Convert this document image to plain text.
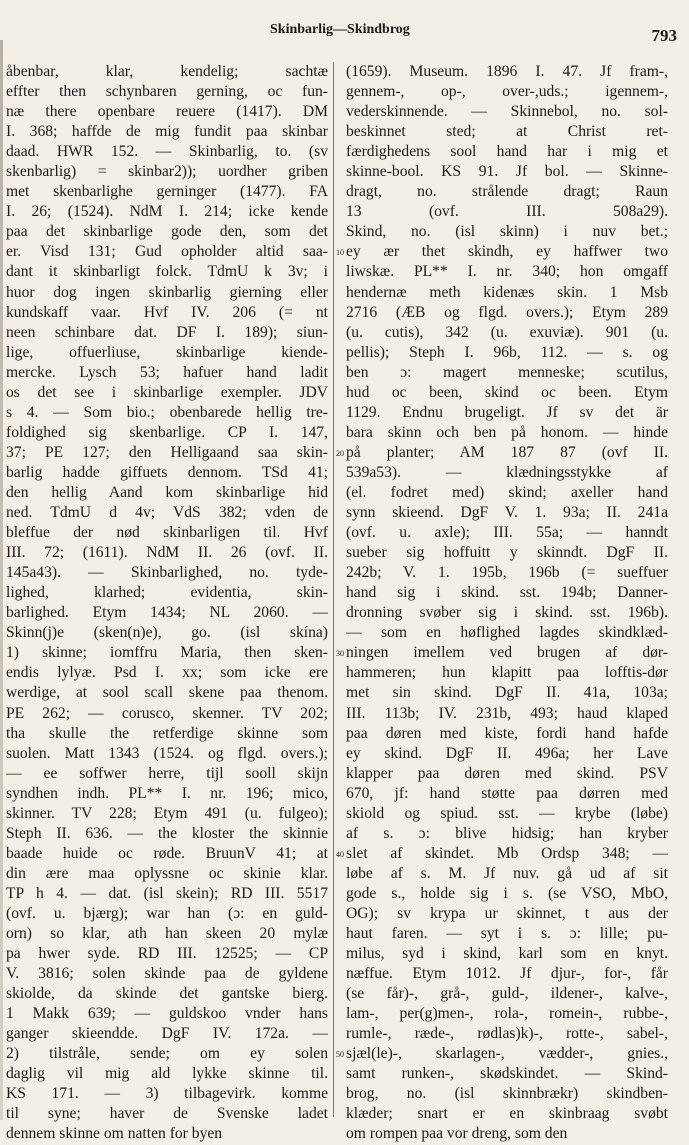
Skinbarlig—Skindbrog	793
åbenbar, klar, kendelig; sachtæ
effter then schynbaren gerning, oc fun-
næ there openbare reuere (1417). DM
I. 368; haffde de mig fundit paa skinbar
daad. HWR 152. — Skinbarlig, to. (sv
skenbarlig) = skinbar2)); uordher griben
met skenbarlighe gerninger (1477). FA
I. 26; (1524). NdM I. 214; icke kende
paa det skinbarlige gode den, som det
er. Visd 131; Gud opholder altid saa-
dant it skinbarligt folck. TdmU k 3v; i
huor dog ingen skinbarlig gierning eller
kundskaff vaar. Hvf IV. 206 (= nt
neen schinbare dat. DF I. 189); siun-
lige, offuerliuse, skinbarlige kiende-
mercke. Lysch 53; hafuer hand ladit
os det see i skinbarlige exempler. JDV
s 4. — Som bio.; obenbarede hellig tre-
foldighed sig skenbarlige. CP I. 147,
37; PE 127; den Helligaand saa skin-
barlig hadde giffuets dennom. TSd 41;
den hellig Aand kom skinbarlige hid
ned. TdmU d 4v; VdS 382; vden de
bleffue der nød skinbarligen til. Hvf
III. 72; (1611). NdM II. 26 (ovf. II.
145a43). — Skinbarlighed, no. tyde-
lighed, klarhed; evidentia, skin-
barlighed. Etym 1434; NL 2060. —
Skinn(j)e (sken(n)e), go. (isl skína)
1) skinne; iomffru Maria, then sken-
endis lylyæ. Psd I. xx; som icke ere
werdige, at sool scall skene paa thenom.
PE 262; — corusco, skenner. TV 202;
tha skulle the retferdige skinne som
suolen. Matt 1343 (1524. og flgd. overs.);
— ee soffwer herre, tijl sooll skijn
syndhen indh. PL** I. nr. 196; mico,
skinner. TV 228; Etym 491 (u. fulgeo);
Steph II. 636. — the kloster the skinnie
baade huide oc røde. BruunV 41; at
din ære maa oplyssne oc skinie klar.
TP h 4. — dat. (isl skein); RD III. 5517
(ovf. u. bjærg); war han (ɔ: en guld-
orn) so klar, ath han skeen 20 mylæ
pa hwer syde. RD III. 12525; — CP
V. 3816; solen skinde paa de gyldene
skiolde, da skinde det gantske bierg.
1 Makk 639; — guldskoo vnder hans
ganger skieendde. DgF IV. 172a. —
2) tilstråle, sende; om ey solen
daglig vil mig ald lykke skinne til.
KS 171. — 3) tilbagevirk. komme
til syne; haver de Svenske ladet
dennem skinne om natten for byen
10
20
30
40
50
(1659). Museum. 1896 I. 47. Jf fram-,
gennem-, op-, over-,uds.; igennem-,
vederskinnende. — Skinnebol, no. sol-
beskinnet sted; at Christ ret-
færdighedens sool hand har i mig et
skinne-bool. KS 91. Jf bol. — Skinne-
dragt, no. strålende dragt; Raun
13 (ovf. III. 508a29).
Skind, no. (isl skinn) i nuv bet.;
ey ær thet skindh, ey haffwer two
liwskæ. PL** I. nr. 340; hon omgaff
hendernæ meth kidenæs skin. 1 Msb
2716 (ÆB og flgd. overs.); Etym 289
(u. cutis), 342 (u. exuviæ). 901 (u.
pellis); Steph I. 96b, 112. — s. og
ben ɔ: magert menneske; scutilus,
hud oc been, skind oc been. Etym
1129. Endnu brugeligt. Jf sv det är
bara skinn och ben på honom. — hinde
på planter; AM 187 87 (ovf II.
539a53). — klædningsstykke af
(el. fodret med) skind; axeller hand
synn skieend. DgF V. 1. 93a; II. 241a
(ovf. u. axle); III. 55a; — hanndt
sueber sig hoffuitt y skinndt. DgF II.
242b; V. 1. 195b, 196b (= sueffuer
hand sig i skind. sst. 194b; Danner-
dronning svøber sig i skind. sst. 196b).
— som en høflighed lagdes skindklæd-
ningen imellem ved brugen af dør-
hammeren; hun klapitt paa lofftis-dør
met sin skind. DgF II. 41a, 103a;
III. 113b; IV. 231b, 493; haud klaped
paa døren med kiste, fordi hand hafde
ey skind. DgF II. 496a; her Lave
klapper paa døren med skind. PSV
670, jf: hand støtte paa dørren med
skiold og spiud. sst. — krybe (løbe)
af s. ɔ: blive hidsig; han kryber
slet af skindet. Mb Ordsp 348; —
løbe af s. M. Jf nuv. gå ud af sit
gode s., holde sig i s. (se VSO, MbO,
OG); sv krypa ur skinnet, t aus der
haut faren. — syt i s. ɔ: lille; pu-
milus, syd i skind, karl som en knyt.
næffue. Etym 1012. Jf djur-, for-, får
(se får)-, grå-, guld-, ildener-, kalve-,
lam-, per(g)men-, rola-, romein-, rubbe-,
rumle-, ræde-, rødlas)k)-, rotte-, sabel-,
sjæl(le)-, skarlagen-, vædder-, gnies.,
samt runken-, skødskindet. — Skind-
brog, no. (isl skinnbrækr) skindben-
klæder; snart er en skinbraag svøbt
om rompen paa vor dreng, som den
